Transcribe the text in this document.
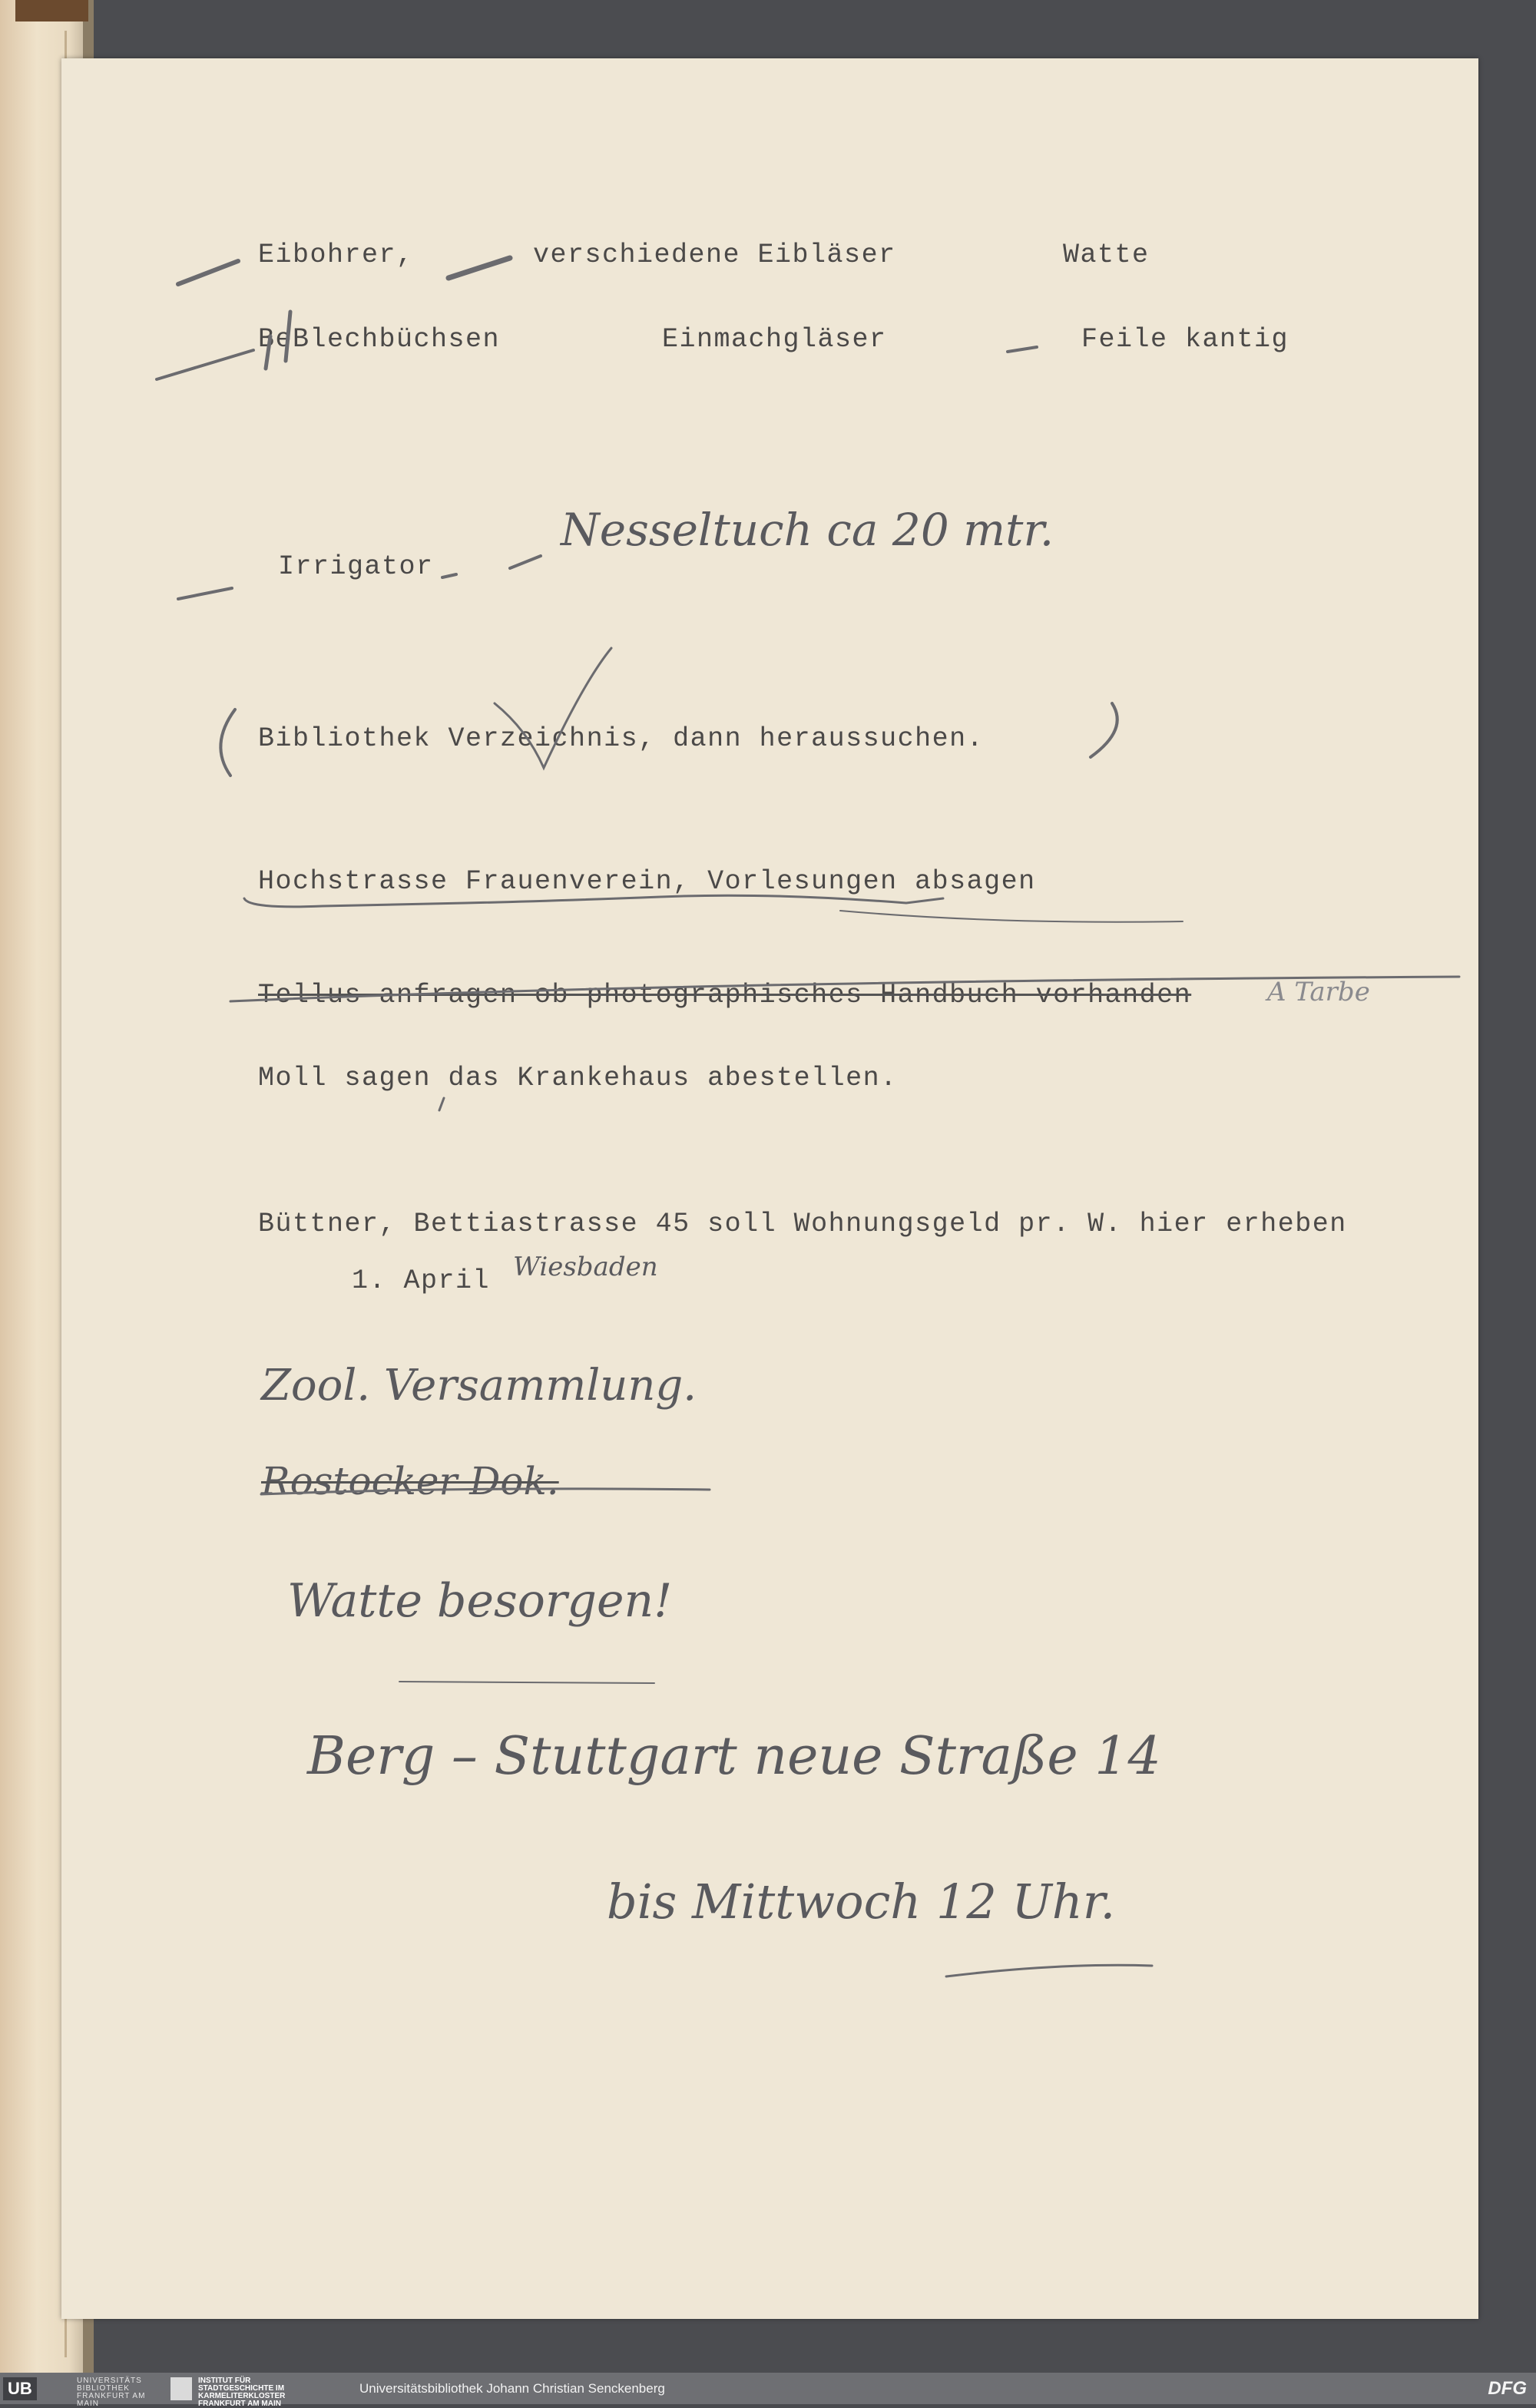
Eibohrer,	verschiedene Eibläser	Watte
BeBlechbüchsen	Einmachgläser	Feile kantig
Irrigator
Bibliothek Verzeichnis, dann heraussuchen.
Hochstrasse Frauenverein, Vorlesungen absagen
Tellus anfragen ob photographisches Handbuch vorhanden
Moll sagen das Krankehaus abestellen.
Büttner, Bettiastrasse 45 soll Wohnungsgeld pr. W. hier erheben
1. April
Nesseltuch ca 20 mtr.
A Tarbe
Wiesbaden
Zool. Versammlung.
Rostocker Dok.
Watte besorgen!
Berg – Stuttgart neue Straße 14
bis Mittwoch 12 Uhr.
UB	UNIVERSITÄTS BIBLIOTHEK FRANKFURT AM MAIN
INSTITUT FÜR STADTGESCHICHTE IM KARMELITERKLOSTER FRANKFURT AM MAIN
Universitätsbibliothek Johann Christian Senckenberg	DFG
